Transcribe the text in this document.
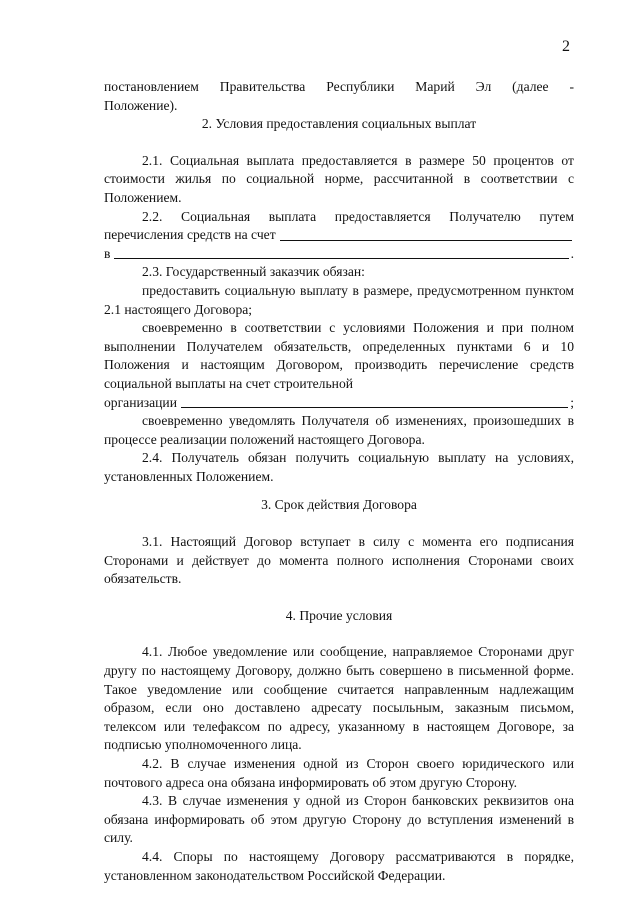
2
постановлением Правительства Республики Марий Эл (далее -
Положение).
2. Условия предоставления социальных выплат
2.1. Социальная выплата предоставляется в размере 50 процентов от стоимости жилья по социальной норме, рассчитанной в соответствии с Положением.
2.2. Социальная выплата предоставляется Получателю путем
перечисления средств на счет
в	.
2.3. Государственный заказчик обязан:
предоставить социальную выплату в размере, предусмотренном пунктом 2.1 настоящего Договора;
своевременно в соответствии с условиями Положения и при полном выполнении Получателем обязательств, определенных пунктами 6 и 10 Положения и настоящим Договором, производить перечисление средств социальной выплаты на счет строительной
организации	;
своевременно уведомлять Получателя об изменениях, произошедших в процессе реализации положений настоящего Договора.
2.4. Получатель обязан получить социальную выплату на условиях, установленных Положением.
3. Срок действия Договора
3.1. Настоящий Договор вступает в силу с момента его подписания Сторонами и действует до момента полного исполнения Сторонами своих обязательств.
4. Прочие условия
4.1. Любое уведомление или сообщение, направляемое Сторонами друг другу по настоящему Договору, должно быть совершено в письменной форме. Такое уведомление или сообщение считается направленным надлежащим образом, если оно доставлено адресату посыльным, заказным письмом, телексом или телефаксом по адресу, указанному в настоящем Договоре, за подписью уполномоченного лица.
4.2. В случае изменения одной из Сторон своего юридического или почтового адреса она обязана информировать об этом другую Сторону.
4.3. В случае изменения у одной из Сторон банковских реквизитов она обязана информировать об этом другую Сторону до вступления изменений в силу.
4.4. Споры по настоящему Договору рассматриваются в порядке, установленном законодательством Российской Федерации.
